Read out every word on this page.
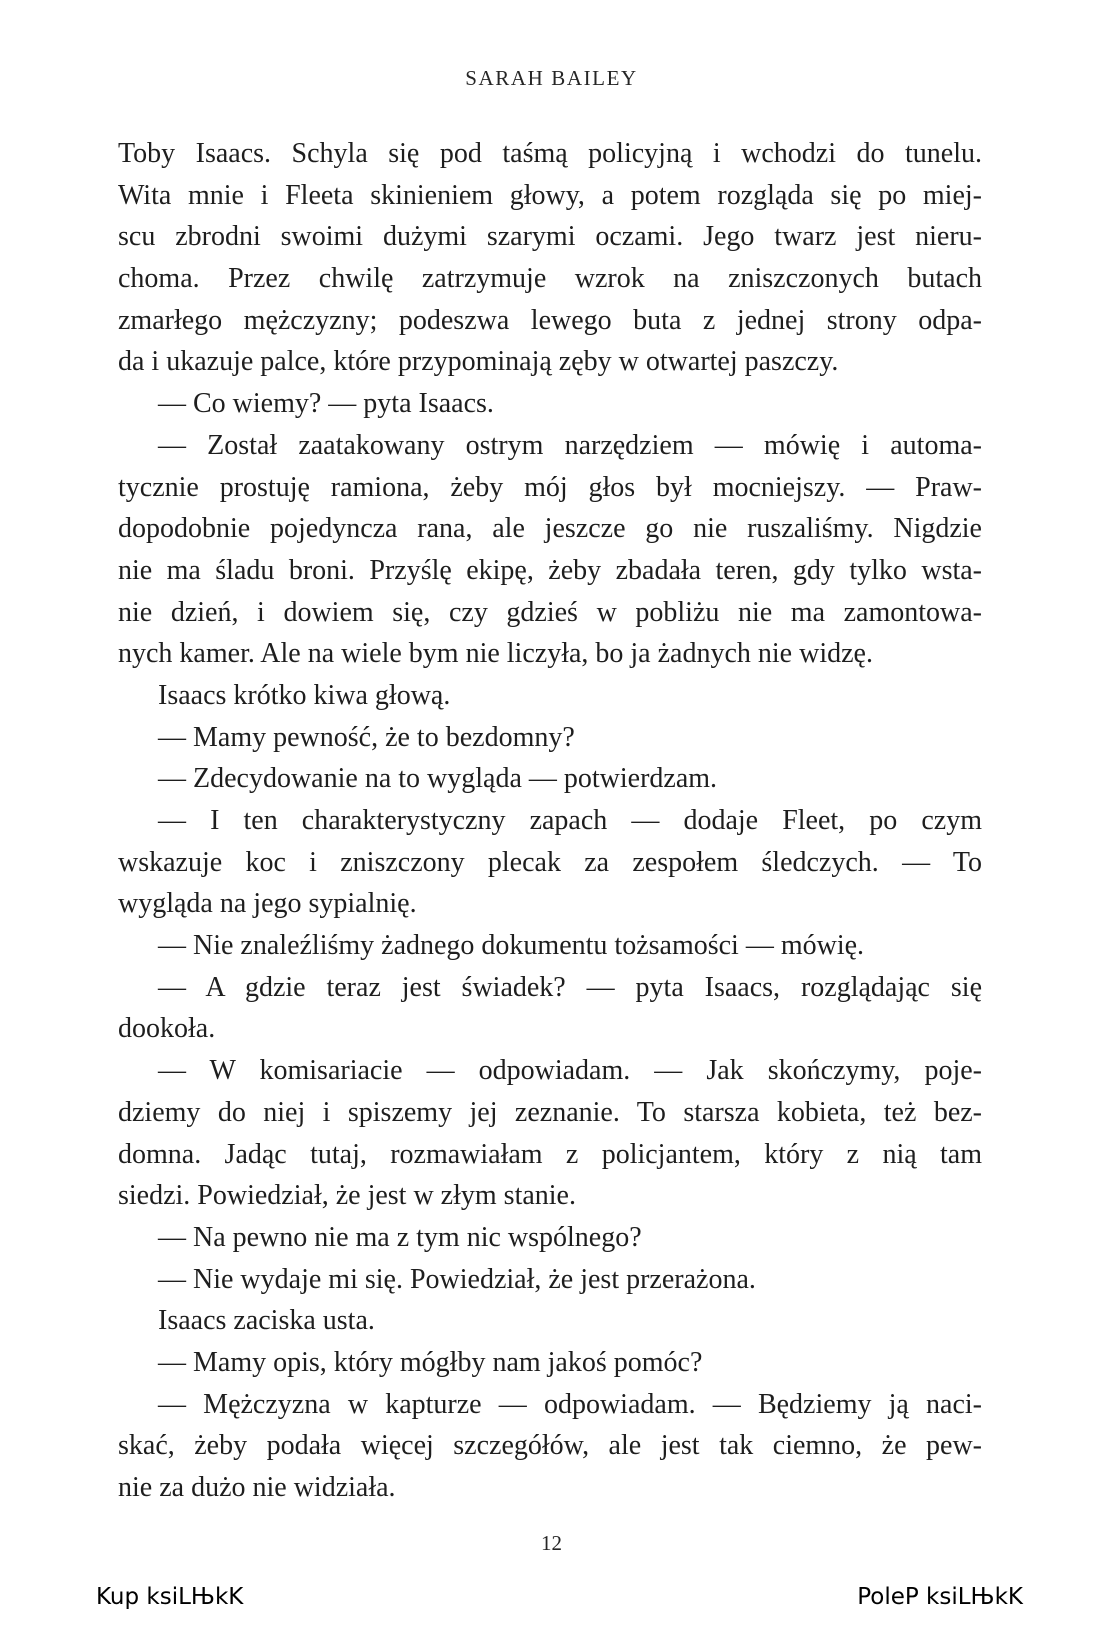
SARAH BAILEY
Toby Isaacs. Schyla się pod taśmą policyjną i wchodzi do tunelu.
Wita mnie i Fleeta skinieniem głowy, a potem rozgląda się po miej-
scu zbrodni swoimi dużymi szarymi oczami. Jego twarz jest nieru-
choma. Przez chwilę zatrzymuje wzrok na zniszczonych butach
zmarłego mężczyzny; podeszwa lewego buta z jednej strony odpa-
da i ukazuje palce, które przypominają zęby w otwartej paszczy.
— Co wiemy? — pyta Isaacs.
— Został zaatakowany ostrym narzędziem — mówię i automa-
tycznie prostuję ramiona, żeby mój głos był mocniejszy. — Praw-
dopodobnie pojedyncza rana, ale jeszcze go nie ruszaliśmy. Nigdzie
nie ma śladu broni. Przyślę ekipę, żeby zbadała teren, gdy tylko wsta-
nie dzień, i dowiem się, czy gdzieś w pobliżu nie ma zamontowa-
nych kamer. Ale na wiele bym nie liczyła, bo ja żadnych nie widzę.
Isaacs krótko kiwa głową.
— Mamy pewność, że to bezdomny?
— Zdecydowanie na to wygląda — potwierdzam.
— I ten charakterystyczny zapach — dodaje Fleet, po czym
wskazuje koc i zniszczony plecak za zespołem śledczych. — To
wygląda na jego sypialnię.
— Nie znaleźliśmy żadnego dokumentu tożsamości — mówię.
— A gdzie teraz jest świadek? — pyta Isaacs, rozglądając się
dookoła.
— W komisariacie — odpowiadam. — Jak skończymy, poje-
dziemy do niej i spiszemy jej zeznanie. To starsza kobieta, też bez-
domna. Jadąc tutaj, rozmawiałam z policjantem, który z nią tam
siedzi. Powiedział, że jest w złym stanie.
— Na pewno nie ma z tym nic wspólnego?
— Nie wydaje mi się. Powiedział, że jest przerażona.
Isaacs zaciska usta.
— Mamy opis, który mógłby nam jakoś pomóc?
— Mężczyzna w kapturze — odpowiadam. — Będziemy ją naci-
skać, żeby podała więcej szczegółów, ale jest tak ciemno, że pew-
nie za dużo nie widziała.
12
Kup ksiLЊkK	PoleP ksiLЊkK
